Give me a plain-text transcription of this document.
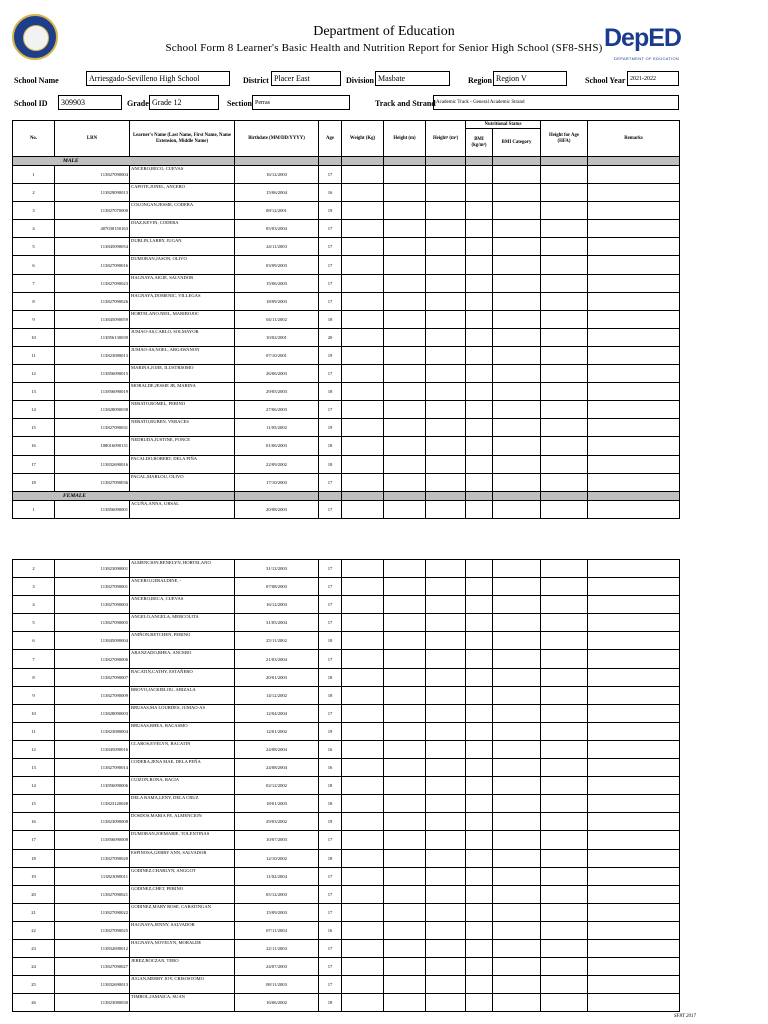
Department of Education
School Form 8 Learner's Basic Health and Nutrition Report for Senior High School (SF8-SHS) DepED
DEPARTMENT OF EDUCATION
School Name	Arriesgado-Sevilleno High School	District Placer East	Division Masbate	Region Region V	School Year 2021-2022
School ID	309903	Grade Grade 12	Section Perras	Track and Strand Academic Track - General Academic Strand
No.	LRN	Learner's Name (Last Name, First Name, Name Extension, Middle Name)	Birthdate (MM/DD/YYYY)	Age	Weight (Kg)	Height (m)	Height² (m²)	Nutritional Status		Height for Age (HFA)	Remarks
								BMI (kg/m²)	BMI Category		
MALE											
1	113827090004	ANCERO,RECO, CUEVAS	16/12/2003	17							
2	113829090013	CAPOTE,JONEL, ANCERO	15/06/2004	16							
3	113827070000	COLONGAN,JESSIE, CODERA	08/12/2001	19							
4	407030150163	DIAZ,KEVIN, CODERA	05/03/2004	17							
5	113845090054	DUBLIN,LARRY, JUGAN	24/11/2003	17							
6	113827090016	DUMORAN,JASON, OLIVO	03/09/2003	17							
7	113827090023	HAGNAYA,AIGIE, SALVADOR	15/06/2003	17							
8	113827090026	HAGNAYA,DOMENIC, VILLEGAS	18/09/2003	17							
9	113845090059	HORTELANO,NEIL, MARIBOJOC	04/11/2002	18							
10	113856130039	JUMAO-AS,CARLO, SOLMAYOR	10/02/2001	20							
11	113823080013	JUMAO-AS,NOEL, ARGAWANON	07/10/2001	19							
12	113856090015	MARINA,JOJIE, ILUSTRISIMO	26/06/2003	17							
13	113856090019	MORALDE,JESSIE JR, MARINA	29/05/2003	18							
14	113828090038	NEBATO,ROMEL, PERINO	27/06/2003	17							
15	113827090031	NEBATO,RUBEN, VERACES	11/05/2002	19							
16	108016090131	NEDRUDA,JUSTINE, PONCE	01/06/2003	18							
17	113832690016	PACALDO,ROBERT, DELA PIÑA	22/09/2002	18							
18	113827090036	PAGAL,MARLOU, OLIVO	17/10/2003	17							
FEMALE											
1	113856090001	ACUÑA,ANNA, URSAL	20/08/2003	17							
2	113823090001	ALMENCION,RENELYN, HORTELANO	31/12/2003	17							
3	113827090001	ANCERO,GERALDINE, -	07/08/2003	17							
4	113827090003	ANCERO,RECA, CUEVAS	16/12/2003	17							
5	113827090005	ANGELO,ANGELA, MERCOLITA	31/05/2004	17							
6	113845090004	ANIÑON,RETCHEN, PERINO	25/11/2002	18							
7	113827090006	ARANZADO,RHEA, ANCERO	21/03/2004	17							
8	113827090007	BACATIN,CATHY, ESTAÑERO	20/01/2003	18							
9	113827090009	BROVO,JACKIELOU, ABIZALA	14/12/2002	18							
10	113828090003	BRUSAS,MA LOURDES, JUMAO-AS	12/04/2004	17							
11	113823080004	BRUSAS,RHEA, BACASMO	12/01/2002	19							
12	113845090016	CLAROS,EVELYN, BACATIN	24/08/2004	16							
13	113827090014	CODERA,JENA MAE, DELA PEÑA	24/08/2004	16							
14	113856090006	CUIZON,RONA, BACIA	02/12/2002	18							
15	113823120048	DELA RAMA,LENY, DELA CRUZ	18/01/2003	18							
16	113823090008	DOSDOS,MARIA FE, ALMENCION	29/03/2002	19							
17	113856090008	DUMORAN,JOEMARIE, TOLENTINAS	10/07/2003	17							
18	113827090020	ESPINOSA,GERRY ANN, SALVADOR	12/10/2002	18							
19	113823090011	GODINEZ,CHARLYN, ANGGOT	11/02/2004	17							
20	113827090021	GODINEZ,CHET, PERINO	05/12/2003	17							
21	113827090022	GODINEZ,MARY ROSE, CABATINGAN	15/09/2003	17							
22	113827090025	HAGNAYA,JENNY, SALVADOR	07/11/2004	16							
23	113832690012	HAGNAYA,NOVELYN, MORALDE	22/11/2003	17							
24	113827090027	JEREZ,ROCZAN, TERO	24/07/2003	17							
25	113832690013	JUGAN,MERRY JOY, CRISOSTOMO	08/11/2003	17							
26	113823080030	TIMBOL,JAMAICA, SUAN	16/06/2002	18							
SF8T 2017
